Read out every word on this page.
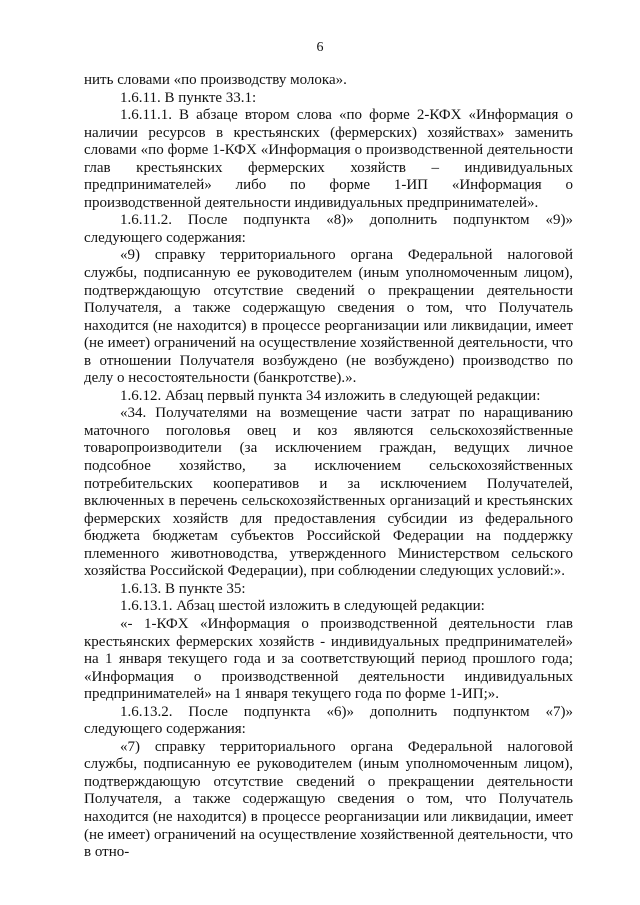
6

нить словами «по производству молока».

1.6.11. В пункте 33.1:

1.6.11.1. В абзаце втором слова «по форме 2-КФХ «Информация о наличии ресурсов в крестьянских (фермерских) хозяйствах» заменить словами «по форме 1-КФХ «Информация о производственной деятельности глав крестьянских фермерских хозяйств – индивидуальных предпринимателей» либо по форме 1-ИП «Информация о производственной деятельности индивидуальных предпринимателей».

1.6.11.2. После подпункта «8)» дополнить подпунктом «9)» следующего содержания:

«9) справку территориального органа Федеральной налоговой службы, подписанную ее руководителем (иным уполномоченным лицом), подтверждающую отсутствие сведений о прекращении деятельности Получателя, а также содержащую сведения о том, что Получатель находится (не находится) в процессе реорганизации или ликвидации, имеет (не имеет) ограничений на осуществление хозяйственной деятельности, что в отношении Получателя возбуждено (не возбуждено) производство по делу о несостоятельности (банкротстве).».

1.6.12. Абзац первый пункта 34 изложить в следующей редакции:

«34. Получателями на возмещение части затрат по наращиванию маточного поголовья овец и коз являются сельскохозяйственные товаропроизводители (за исключением граждан, ведущих личное подсобное хозяйство, за исключением сельскохозяйственных потребительских кооперативов и за исключением Получателей, включенных в перечень сельскохозяйственных организаций и крестьянских фермерских хозяйств для предоставления субсидии из федерального бюджета бюджетам субъектов Российской Федерации на поддержку племенного животноводства, утвержденного Министерством сельского хозяйства Российской Федерации), при соблюдении следующих условий:».

1.6.13. В пункте 35:

1.6.13.1. Абзац шестой изложить в следующей редакции:

«- 1-КФХ «Информация о производственной деятельности глав крестьянских фермерских хозяйств - индивидуальных предпринимателей» на 1 января текущего года и за соответствующий период прошлого года; «Информация о производственной деятельности индивидуальных предпринимателей» на 1 января текущего года по форме 1-ИП;».

1.6.13.2. После подпункта «6)» дополнить подпунктом «7)» следующего содержания:

«7) справку территориального органа Федеральной налоговой службы, подписанную ее руководителем (иным уполномоченным лицом), подтверждающую отсутствие сведений о прекращении деятельности Получателя, а также содержащую сведения о том, что Получатель находится (не находится) в процессе реорганизации или ликвидации, имеет (не имеет) ограничений на осуществление хозяйственной деятельности, что в отно-
